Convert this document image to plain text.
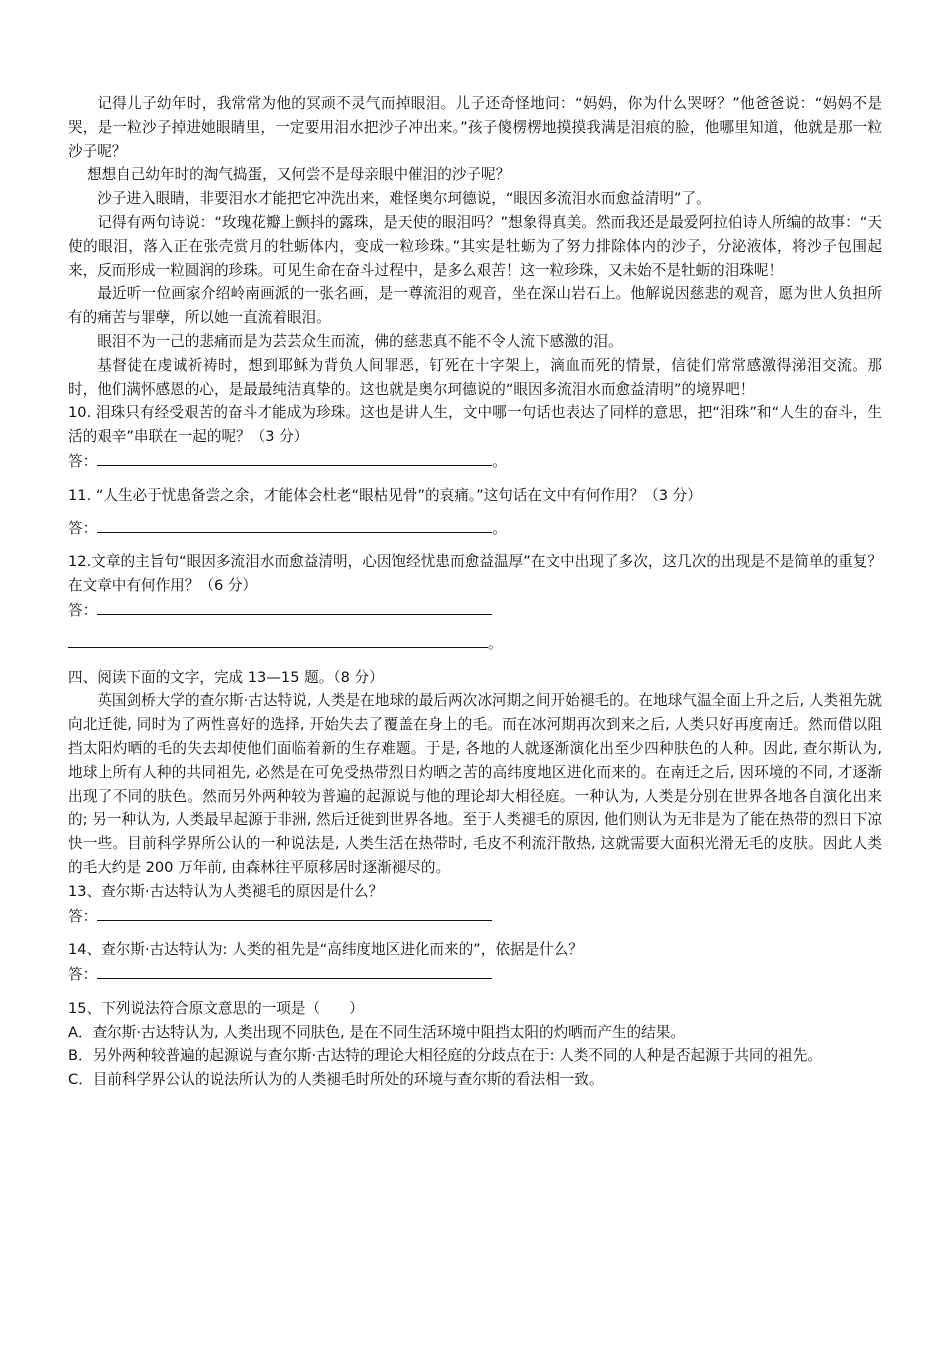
记得儿子幼年时，我常常为他的冥顽不灵气而掉眼泪。儿子还奇怪地问：“妈妈，你为什么哭呀？”他爸爸说：“妈妈不是哭，是一粒沙子掉进她眼睛里，一定要用泪水把沙子冲出来。”孩子傻楞楞地摸摸我满是泪痕的脸，他哪里知道，他就是那一粒沙子呢？

想想自己幼年时的淘气捣蛋，又何尝不是母亲眼中催泪的沙子呢？

沙子进入眼睛，非要泪水才能把它冲洗出来，难怪奥尔珂德说，“眼因多流泪水而愈益清明”了。

记得有两句诗说：“玫瑰花瓣上颤抖的露珠，是天使的眼泪吗？”想象得真美。然而我还是最爱阿拉伯诗人所编的故事：“天使的眼泪，落入正在张壳赏月的牡蛎体内，变成一粒珍珠。”其实是牡蛎为了努力排除体内的沙子，分泌液体，将沙子包围起来，反而形成一粒圆润的珍珠。可见生命在奋斗过程中，是多么艰苦！这一粒珍珠，又未始不是牡蛎的泪珠呢！

最近听一位画家介绍岭南画派的一张名画，是一尊流泪的观音，坐在深山岩石上。他解说因慈悲的观音，愿为世人负担所有的痛苦与罪孽，所以她一直流着眼泪。

眼泪不为一己的悲痛而是为芸芸众生而流，佛的慈悲真不能不令人流下感激的泪。

基督徒在虔诚祈祷时，想到耶稣为背负人间罪恶，钉死在十字架上，滴血而死的情景，信徒们常常感激得涕泪交流。那时，他们满怀感恩的心，是最最纯洁真挚的。这也就是奥尔珂德说的“眼因多流泪水而愈益清明”的境界吧！

10. 泪珠只有经受艰苦的奋斗才能成为珍珠。这也是讲人生，文中哪一句话也表达了同样的意思，把“泪珠”和“人生的奋斗，生活的艰辛”串联在一起的呢？（3 分）

答：	。

11. “人生必于忧患备尝之余，才能体会杜老“眼枯见骨”的哀痛。”这句话在文中有何作用？（3 分）

答：	。

12.文章的主旨句“眼因多流泪水而愈益清明，心因饱经忧患而愈益温厚”在文中出现了多次，这几次的出现是不是简单的重复？在文章中有何作用？（6 分）

答：

。

四、阅读下面的文字，完成 13—15 题。（8 分）

英国剑桥大学的查尔斯·古达特说, 人类是在地球的最后两次冰河期之间开始褪毛的。在地球气温全面上升之后, 人类祖先就向北迁徙, 同时为了两性喜好的选择, 开始失去了覆盖在身上的毛。而在冰河期再次到来之后, 人类只好再度南迁。然而借以阻挡太阳灼晒的毛的失去却使他们面临着新的生存难题。于是, 各地的人就逐渐演化出至少四种肤色的人种。因此, 查尔斯认为, 地球上所有人种的共同祖先, 必然是在可免受热带烈日灼晒之苦的高纬度地区进化而来的。在南迁之后, 因环境的不同, 才逐渐出现了不同的肤色。然而另外两种较为普遍的起源说与他的理论却大相径庭。一种认为, 人类是分别在世界各地各自演化出来的; 另一种认为, 人类最早起源于非洲, 然后迁徙到世界各地。至于人类褪毛的原因, 他们则认为无非是为了能在热带的烈日下凉快一些。目前科学界所公认的一种说法是, 人类生活在热带时, 毛皮不利流汗散热, 这就需要大面积光滑无毛的皮肤。因此人类的毛大约是 200 万年前, 由森林往平原移居时逐渐褪尽的。

13、查尔斯·古达特认为人类褪毛的原因是什么？

答：

14、查尔斯·古达特认为: 人类的祖先是“高纬度地区进化而来的”，依据是什么？

答：

15、下列说法符合原文意思的一项是（　　）

A．查尔斯·古达特认为, 人类出现不同肤色, 是在不同生活环境中阻挡太阳的灼晒而产生的结果。

B．另外两种较普遍的起源说与查尔斯·古达特的理论大相径庭的分歧点在于: 人类不同的人种是否起源于共同的祖先。

C．目前科学界公认的说法所认为的人类褪毛时所处的环境与查尔斯的看法相一致。
